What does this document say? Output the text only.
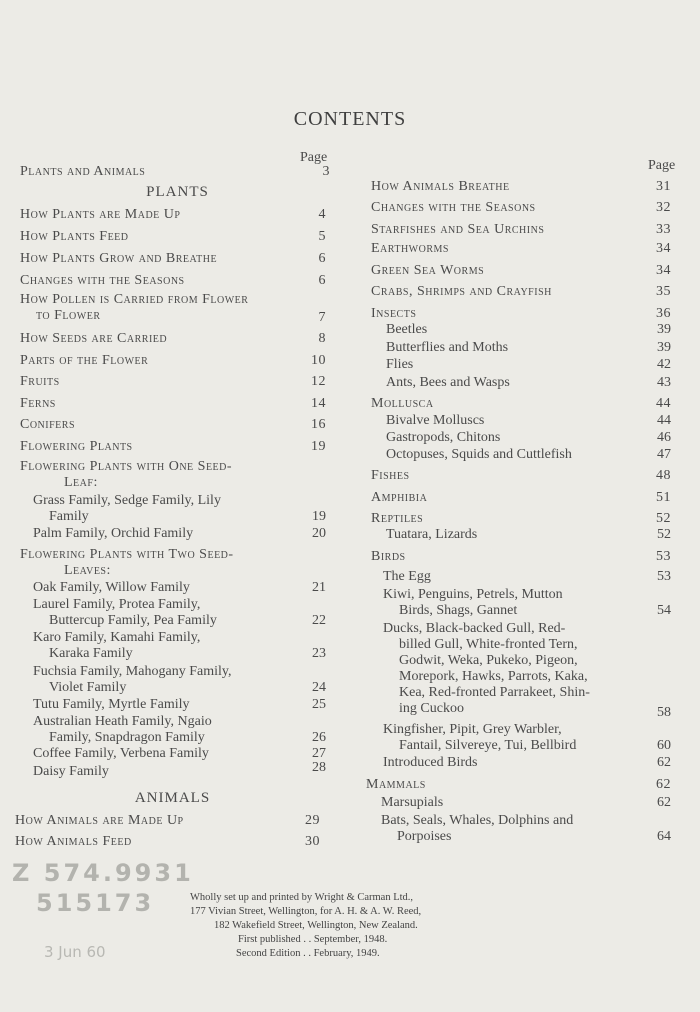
CONTENTS
Page
Page
Plants and Animals	3
PLANTS
How Plants are Made Up	4
How Plants Feed	5
How Plants Grow and Breathe	6
Changes with the Seasons	6
How Pollen is Carried from Flower
to Flower	7
How Seeds are Carried	8
Parts of the Flower	10
Fruits	12
Ferns	14
Conifers	16
Flowering Plants	19
Flowering Plants with One Seed-
Leaf:
Grass Family, Sedge Family, Lily
Family	19
Palm Family, Orchid Family	20
Flowering Plants with Two Seed-
Leaves:
Oak Family, Willow Family	21
Laurel Family, Protea Family,
Buttercup Family, Pea Family	22
Karo Family, Kamahi Family,
Karaka Family	23
Fuchsia Family, Mahogany Family,
Violet Family	24
Tutu Family, Myrtle Family	25
Australian Heath Family, Ngaio
Family, Snapdragon Family	26
Coffee Family, Verbena Family	27
Daisy Family	28
ANIMALS
How Animals are Made Up	29
How Animals Feed	30
How Animals Breathe	31
Changes with the Seasons	32
Starfishes and Sea Urchins	33
Earthworms	34
Green Sea Worms	34
Crabs, Shrimps and Crayfish	35
Insects	36
Beetles	39
Butterflies and Moths	39
Flies	42
Ants, Bees and Wasps	43
Mollusca	44
Bivalve Molluscs	44
Gastropods, Chitons	46
Octopuses, Squids and Cuttlefish	47
Fishes	48
Amphibia	51
Reptiles	52
Tuatara, Lizards	52
Birds	53
The Egg	53
Kiwi, Penguins, Petrels, Mutton
Birds, Shags, Gannet	54
Ducks, Black-backed Gull, Red-
billed Gull, White-fronted Tern,
Godwit, Weka, Pukeko, Pigeon,
Morepork, Hawks, Parrots, Kaka,
Kea, Red-fronted Parrakeet, Shin-
ing Cuckoo	58
Kingfisher, Pipit, Grey Warbler,
Fantail, Silvereye, Tui, Bellbird	60
Introduced Birds	62
Mammals	62
Marsupials	62
Bats, Seals, Whales, Dolphins and
Porpoises	64
Z 574.9931
515173
3 Jun 60
Wholly set up and printed by Wright & Carman Ltd.,
177 Vivian Street, Wellington, for A. H. & A. W. Reed,
182 Wakefield Street, Wellington, New Zealand.
First published . . September, 1948.
Second Edition . . February, 1949.
